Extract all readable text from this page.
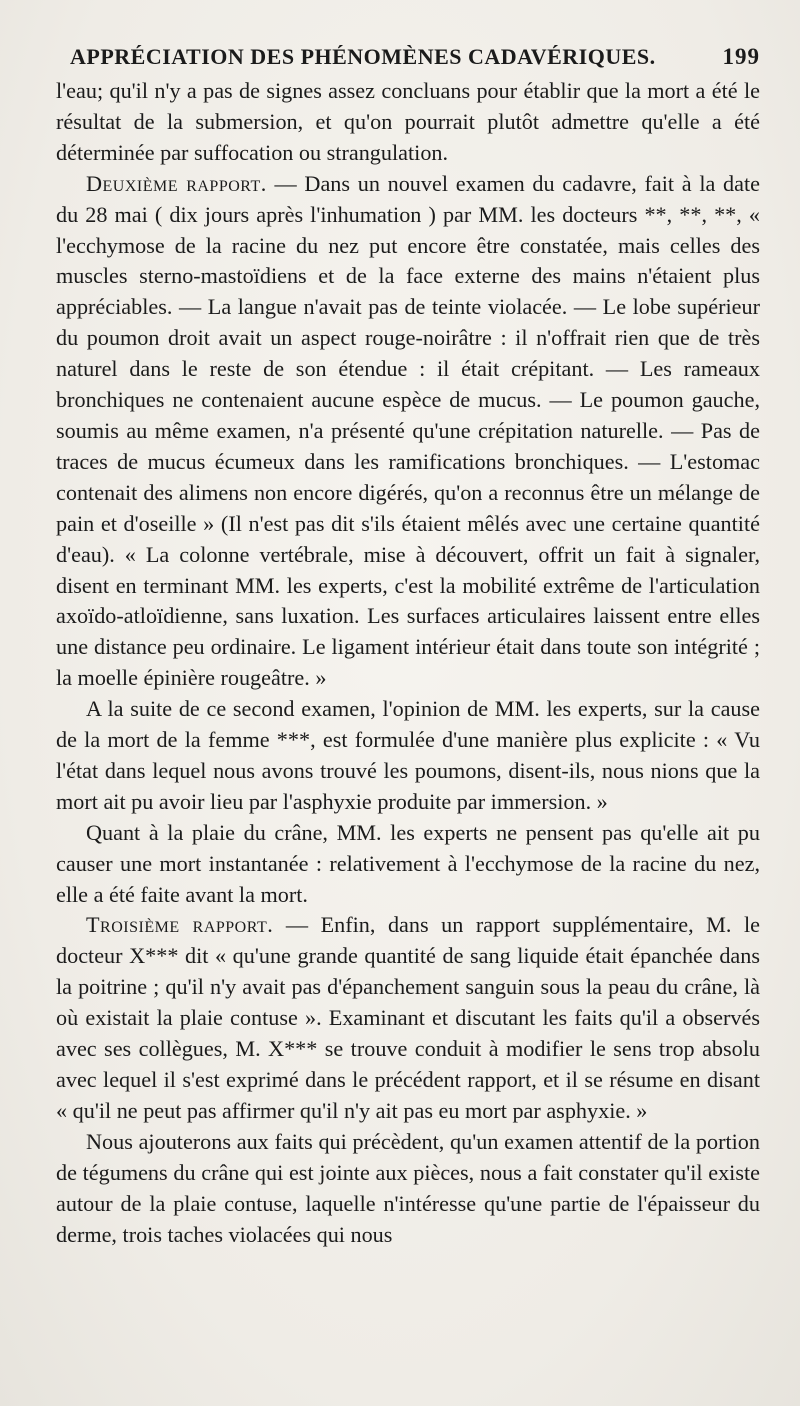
APPRÉCIATION DES PHÉNOMÈNES CADAVÉRIQUES.	199

l'eau; qu'il n'y a pas de signes assez concluans pour établir que la mort a été le résultat de la submersion, et qu'on pourrait plutôt admettre qu'elle a été déterminée par suffocation ou strangulation.

Deuxième rapport. — Dans un nouvel examen du cadavre, fait à la date du 28 mai ( dix jours après l'inhumation ) par MM. les docteurs **, **, **, « l'ecchymose de la racine du nez put encore être constatée, mais celles des muscles sterno-mastoïdiens et de la face externe des mains n'étaient plus appréciables. — La langue n'avait pas de teinte violacée. — Le lobe supérieur du poumon droit avait un aspect rouge-noirâtre : il n'offrait rien que de très naturel dans le reste de son étendue : il était crépitant. — Les rameaux bronchiques ne contenaient aucune espèce de mucus. — Le poumon gauche, soumis au même examen, n'a présenté qu'une crépitation naturelle. — Pas de traces de mucus écumeux dans les ramifications bronchiques. — L'estomac contenait des alimens non encore digérés, qu'on a reconnus être un mélange de pain et d'oseille » (Il n'est pas dit s'ils étaient mêlés avec une certaine quantité d'eau). « La colonne vertébrale, mise à découvert, offrit un fait à signaler, disent en terminant MM. les experts, c'est la mobilité extrême de l'articulation axoïdo-atloïdienne, sans luxation. Les surfaces articulaires laissent entre elles une distance peu ordinaire. Le ligament intérieur était dans toute son intégrité ; la moelle épinière rougeâtre. »

A la suite de ce second examen, l'opinion de MM. les experts, sur la cause de la mort de la femme ***, est formulée d'une manière plus explicite : « Vu l'état dans lequel nous avons trouvé les poumons, disent-ils, nous nions que la mort ait pu avoir lieu par l'asphyxie produite par immersion. »

Quant à la plaie du crâne, MM. les experts ne pensent pas qu'elle ait pu causer une mort instantanée : relativement à l'ecchymose de la racine du nez, elle a été faite avant la mort.

Troisième rapport. — Enfin, dans un rapport supplémentaire, M. le docteur X*** dit « qu'une grande quantité de sang liquide était épanchée dans la poitrine ; qu'il n'y avait pas d'épanchement sanguin sous la peau du crâne, là où existait la plaie contuse ». Examinant et discutant les faits qu'il a observés avec ses collègues, M. X*** se trouve conduit à modifier le sens trop absolu avec lequel il s'est exprimé dans le précédent rapport, et il se résume en disant « qu'il ne peut pas affirmer qu'il n'y ait pas eu mort par asphyxie. »

Nous ajouterons aux faits qui précèdent, qu'un examen attentif de la portion de tégumens du crâne qui est jointe aux pièces, nous a fait constater qu'il existe autour de la plaie contuse, laquelle n'intéresse qu'une partie de l'épaisseur du derme, trois taches violacées qui nous
